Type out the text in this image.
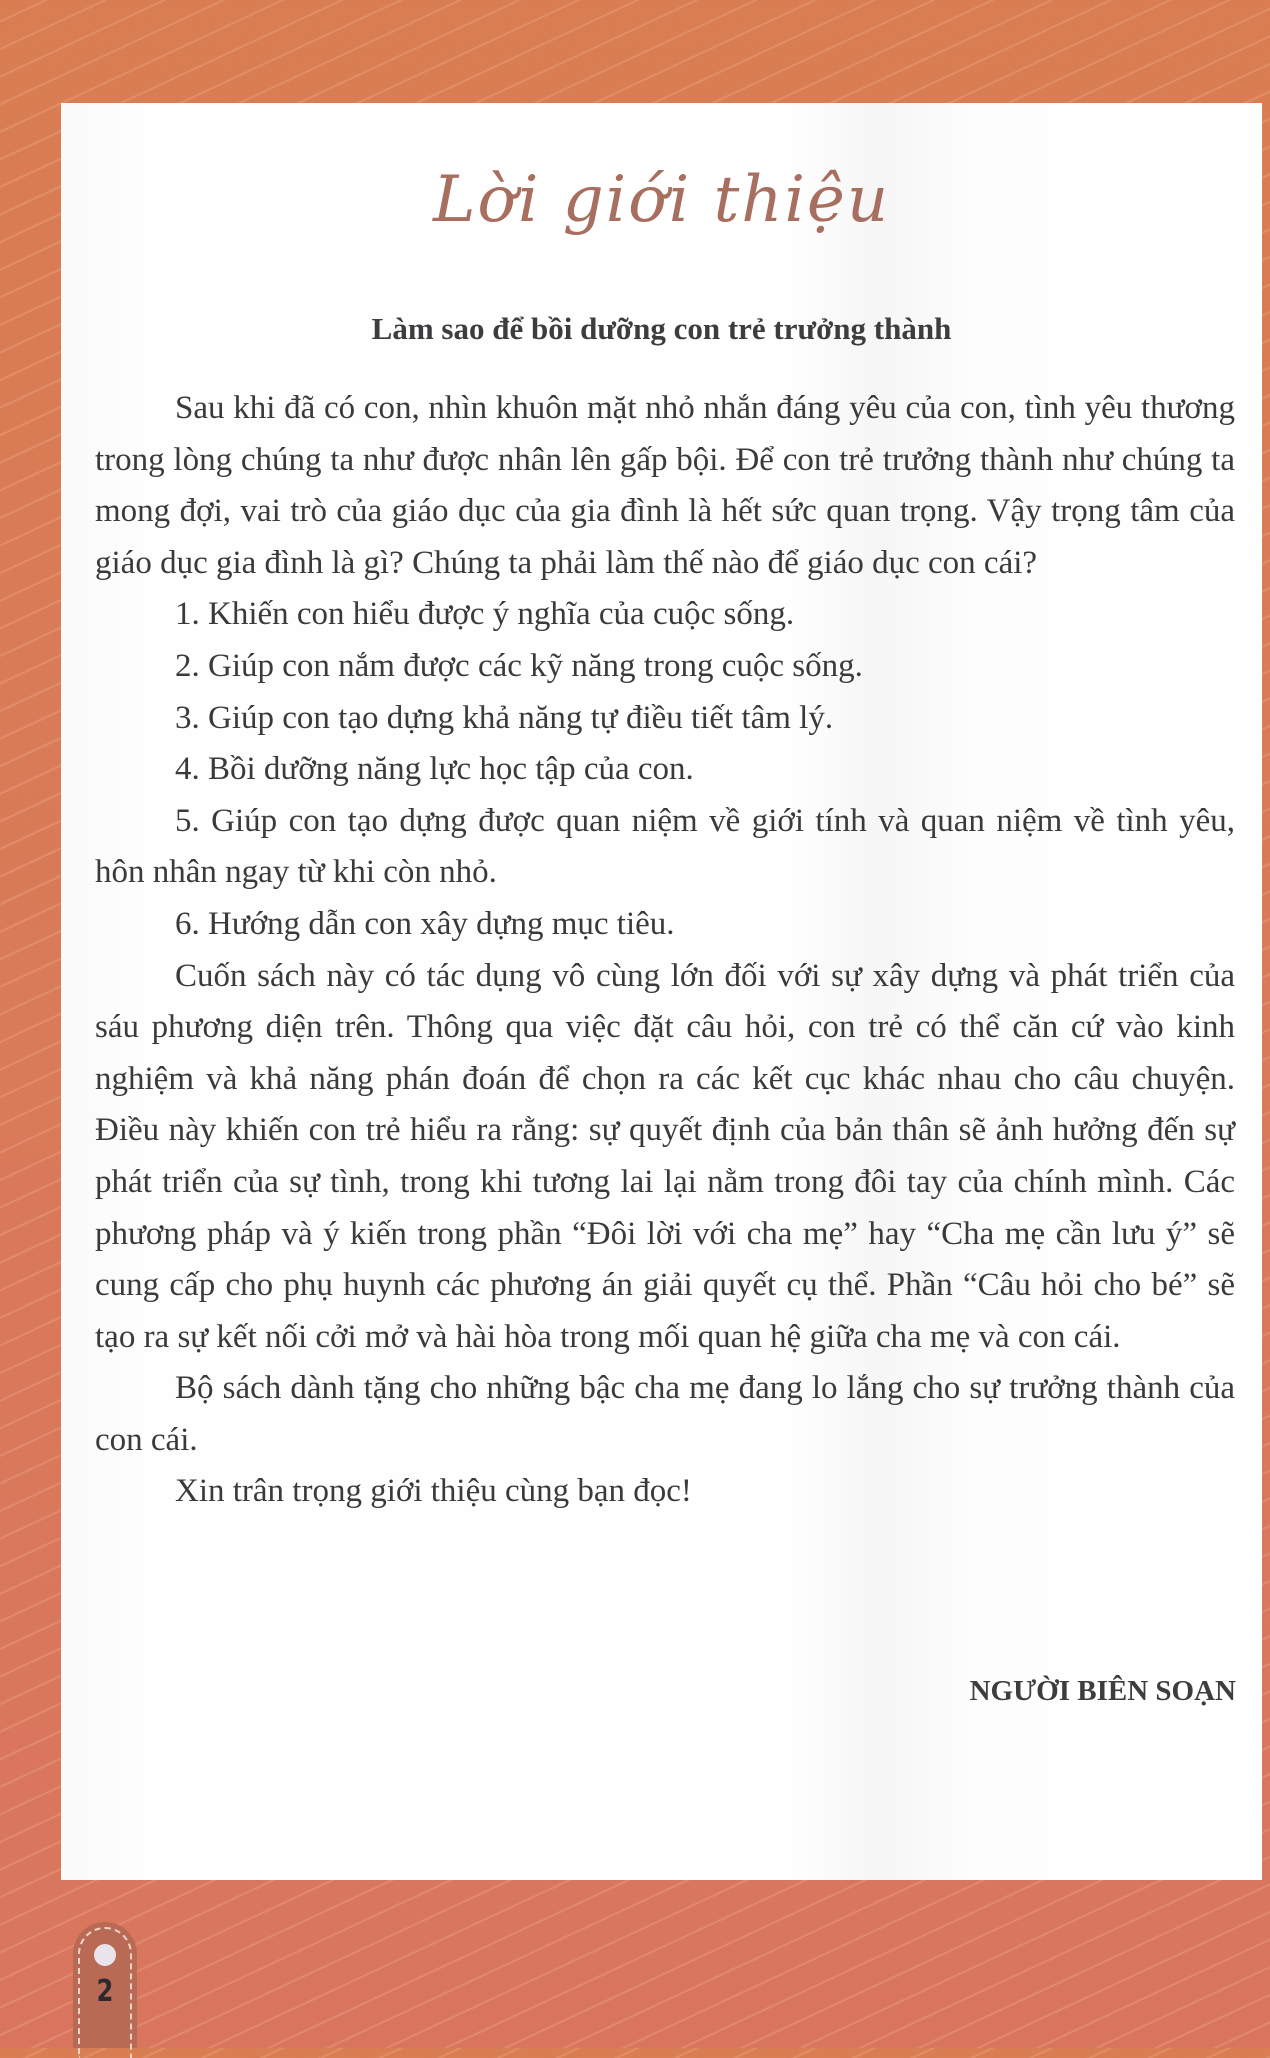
Lời giới thiệu
Làm sao để bồi dưỡng con trẻ trưởng thành

Sau khi đã có con, nhìn khuôn mặt nhỏ nhắn đáng yêu của con, tình yêu thương trong lòng chúng ta như được nhân lên gấp bội. Để con trẻ trưởng thành như chúng ta mong đợi, vai trò của giáo dục của gia đình là hết sức quan trọng. Vậy trọng tâm của giáo dục gia đình là gì? Chúng ta phải làm thế nào để giáo dục con cái?

1. Khiến con hiểu được ý nghĩa của cuộc sống.

2. Giúp con nắm được các kỹ năng trong cuộc sống.

3. Giúp con tạo dựng khả năng tự điều tiết tâm lý.

4. Bồi dưỡng năng lực học tập của con.

5. Giúp con tạo dựng được quan niệm về giới tính và quan niệm về tình yêu, hôn nhân ngay từ khi còn nhỏ.

6. Hướng dẫn con xây dựng mục tiêu.

Cuốn sách này có tác dụng vô cùng lớn đối với sự xây dựng và phát triển của sáu phương diện trên. Thông qua việc đặt câu hỏi, con trẻ có thể căn cứ vào kinh nghiệm và khả năng phán đoán để chọn ra các kết cục khác nhau cho câu chuyện. Điều này khiến con trẻ hiểu ra rằng: sự quyết định của bản thân sẽ ảnh hưởng đến sự phát triển của sự tình, trong khi tương lai lại nằm trong đôi tay của chính mình. Các phương pháp và ý kiến trong phần “Đôi lời với cha mẹ” hay “Cha mẹ cần lưu ý” sẽ cung cấp cho phụ huynh các phương án giải quyết cụ thể. Phần “Câu hỏi cho bé” sẽ tạo ra sự kết nối cởi mở và hài hòa trong mối quan hệ giữa cha mẹ và con cái.

Bộ sách dành tặng cho những bậc cha mẹ đang lo lắng cho sự trưởng thành của con cái.

Xin trân trọng giới thiệu cùng bạn đọc!

NGƯỜI BIÊN SOẠN
2
